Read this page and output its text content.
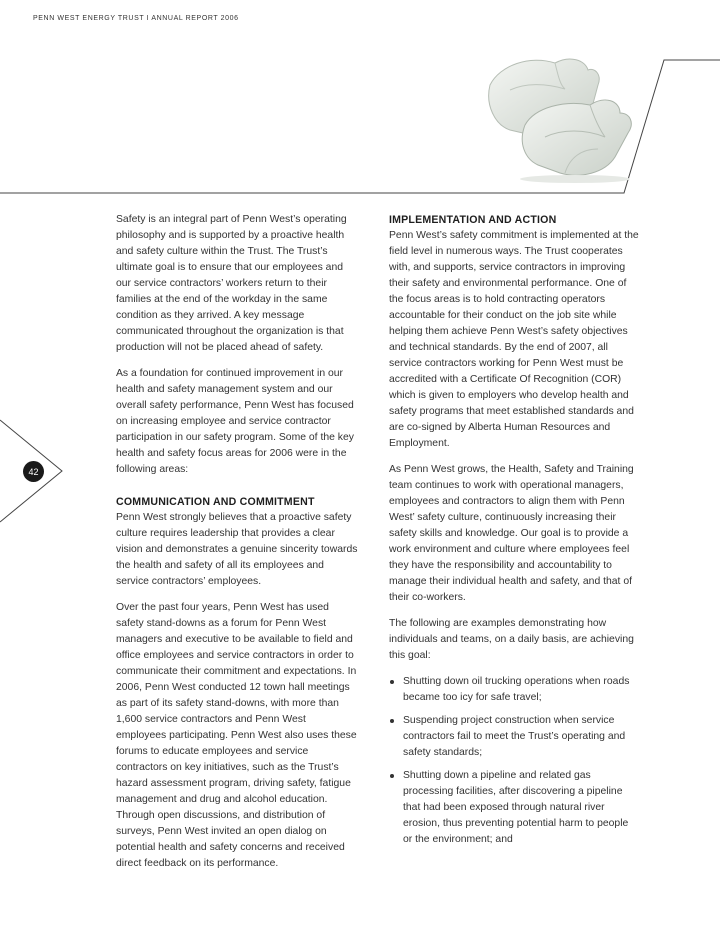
PENN WEST ENERGY TRUST I ANNUAL REPORT 2006
42

Safety is an integral part of Penn West’s operating philosophy and is supported by a proactive health and safety culture within the Trust. The Trust’s ultimate goal is to ensure that our employees and our service contractors’ workers return to their families at the end of the workday in the same condition as they arrived. A key message communicated throughout the organization is that production will not be placed ahead of safety.

As a foundation for continued improvement in our health and safety management system and our overall safety performance, Penn West has focused on increasing employee and service contractor participation in our safety program. Some of the key health and safety focus areas for 2006 were in the following areas:

COMMUNICATION AND COMMITMENT

Penn West strongly believes that a proactive safety culture requires leadership that provides a clear vision and demonstrates a genuine sincerity towards the health and safety of all its employees and service contractors’ employees.

Over the past four years, Penn West has used safety stand-downs as a forum for Penn West managers and executive to be available to field and office employees and service contractors in order to communicate their commitment and expectations. In 2006, Penn West conducted 12 town hall meetings as part of its safety stand-downs, with more than 1,600 service contractors and Penn West employees participating. Penn West also uses these forums to educate employees and service contractors on key initiatives, such as the Trust’s hazard assessment program, driving safety, fatigue management and drug and alcohol education. Through open discussions, and distribution of surveys, Penn West invited an open dialog on potential health and safety concerns and received direct feedback on its performance.

IMPLEMENTATION AND ACTION

Penn West’s safety commitment is implemented at the field level in numerous ways. The Trust cooperates with, and supports, service contractors in improving their safety and environmental performance. One of the focus areas is to hold contracting operators accountable for their conduct on the job site while helping them achieve Penn West’s safety objectives and technical standards. By the end of 2007, all service contractors working for Penn West must be accredited with a Certificate Of Recognition (COR) which is given to employers who develop health and safety programs that meet established standards and are co-signed by Alberta Human Resources and Employment.

As Penn West grows, the Health, Safety and Training team continues to work with operational managers, employees and contractors to align them with Penn West’ safety culture, continuously increasing their safety skills and knowledge. Our goal is to provide a work environment and culture where employees feel they have the responsibility and accountability to manage their individual health and safety, and that of their co-workers.

The following are examples demonstrating how individuals and teams, on a daily basis, are achieving this goal:

Shutting down oil trucking operations when roads became too icy for safe travel;
Suspending project construction when service contractors fail to meet the Trust’s operating and safety standards;
Shutting down a pipeline and related gas processing facilities, after discovering a pipeline that had been exposed through natural river erosion, thus preventing potential harm to people or the environment; and
